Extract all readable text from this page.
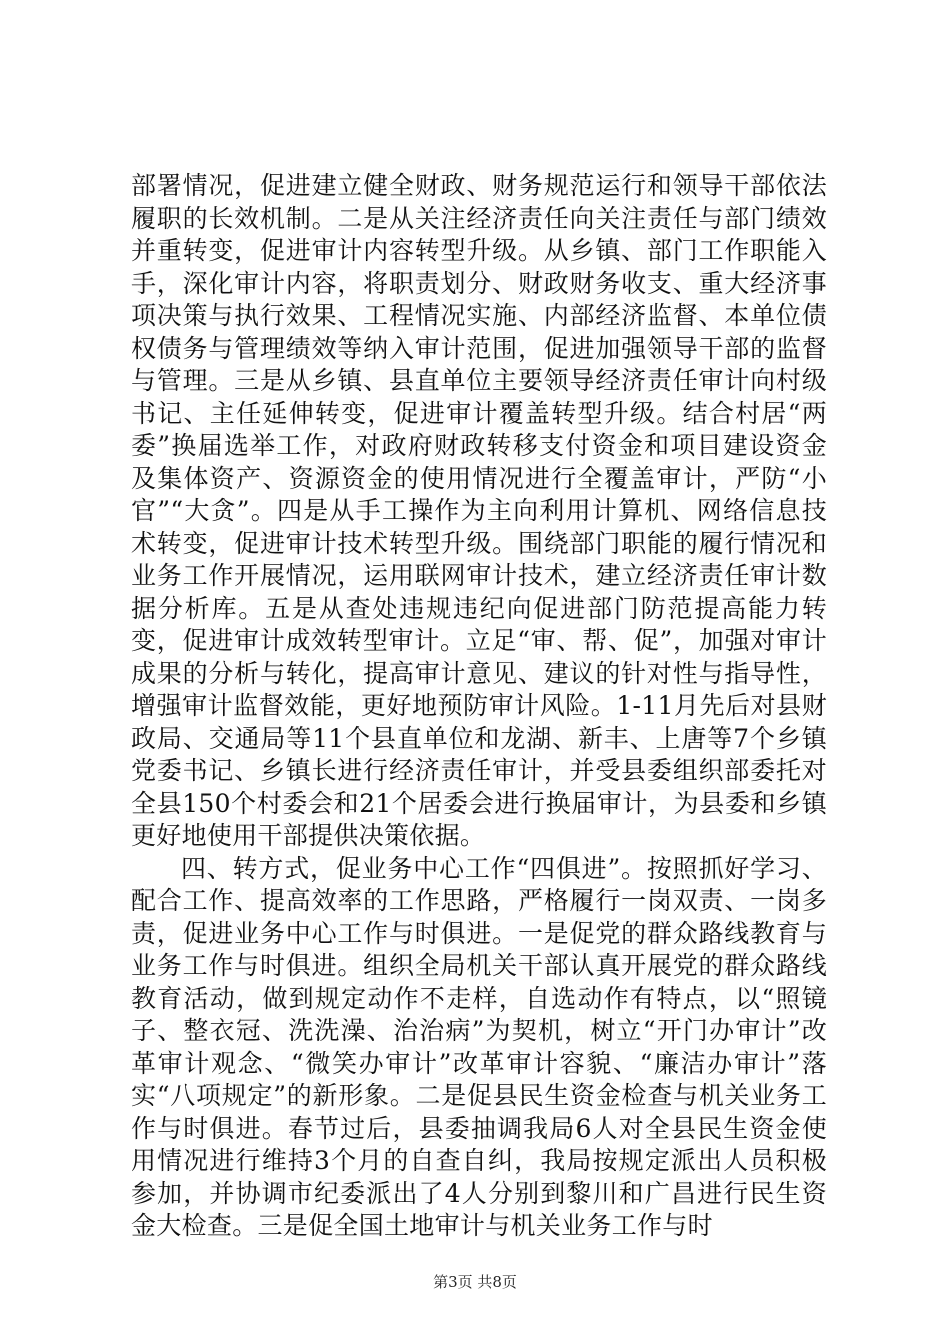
部署情况，促进建立健全财政、财务规范运行和领导干部依法履职的长效机制。二是从关注经济责任向关注责任与部门绩效并重转变，促进审计内容转型升级。从乡镇、部门工作职能入手，深化审计内容，将职责划分、财政财务收支、重大经济事项决策与执行效果、工程情况实施、内部经济监督、本单位债权债务与管理绩效等纳入审计范围，促进加强领导干部的监督与管理。三是从乡镇、县直单位主要领导经济责任审计向村级书记、主任延伸转变，促进审计覆盖转型升级。结合村居“两委”换届选举工作，对政府财政转移支付资金和项目建设资金及集体资产、资源资金的使用情况进行全覆盖审计，严防“小官”“大贪”。四是从手工操作为主向利用计算机、网络信息技术转变，促进审计技术转型升级。围绕部门职能的履行情况和业务工作开展情况，运用联网审计技术，建立经济责任审计数据分析库。五是从查处违规违纪向促进部门防范提高能力转变，促进审计成效转型审计。立足“审、帮、促”，加强对审计成果的分析与转化，提高审计意见、建议的针对性与指导性，增强审计监督效能，更好地预防审计风险。1-11月先后对县财政局、交通局等11个县直单位和龙湖、新丰、上唐等7个乡镇党委书记、乡镇长进行经济责任审计，并受县委组织部委托对全县150个村委会和21个居委会进行换届审计，为县委和乡镇更好地使用干部提供决策依据。

四、转方式，促业务中心工作“四俱进”。按照抓好学习、配合工作、提高效率的工作思路，严格履行一岗双责、一岗多责，促进业务中心工作与时俱进。一是促党的群众路线教育与业务工作与时俱进。组织全局机关干部认真开展党的群众路线教育活动，做到规定动作不走样，自选动作有特点，以“照镜子、整衣冠、洗洗澡、治治病”为契机，树立“开门办审计”改革审计观念、“微笑办审计”改革审计容貌、“廉洁办审计”落实“八项规定”的新形象。二是促县民生资金检查与机关业务工作与时俱进。春节过后，县委抽调我局6人对全县民生资金使用情况进行维持3个月的自查自纠，我局按规定派出人员积极参加，并协调市纪委派出了4人分别到黎川和广昌进行民生资金大检查。三是促全国土地审计与机关业务工作与时

第3页 共8页
